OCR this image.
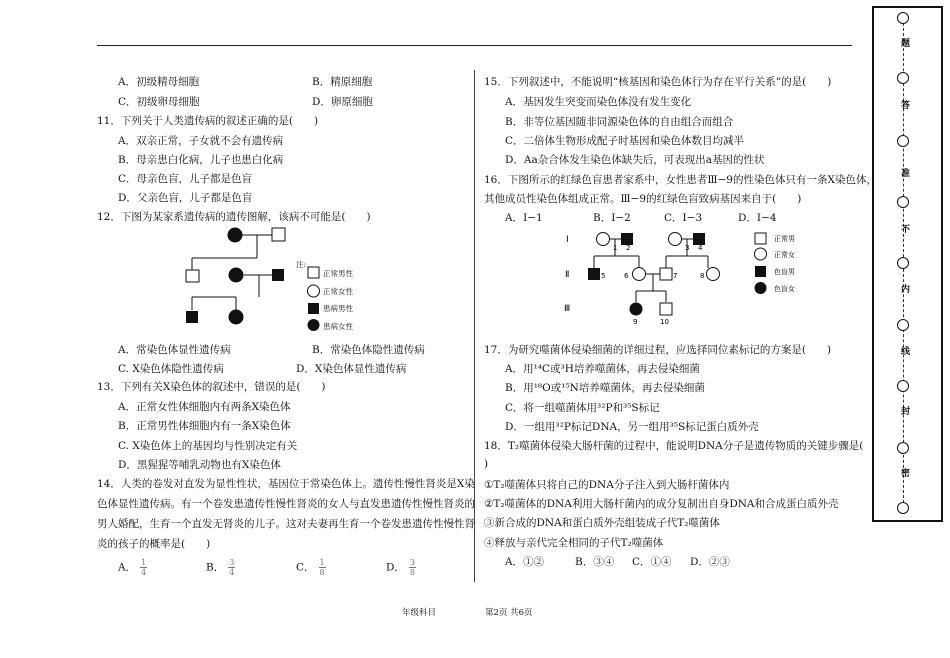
A．初级精母细胞	B．精原细胞
C．初级卵母细胞	D．卵原细胞
11．下列关于人类遗传病的叙述正确的是(　　)
A．双亲正常，子女就不会有遗传病
B．母亲患白化病，儿子也患白化病
C．母亲色盲，儿子都是色盲
D．父亲色盲，儿子都是色盲
12．下图为某家系遗传病的遗传图解，该病不可能是(　　)
注:
正常男性
正常女性
患病男性
患病女性
A．常染色体显性遗传病	B．常染色体隐性遗传病
C. X染色体隐性遗传病	D．X染色体显性遗传病
13．下列有关X染色体的叙述中，错误的是(　　)
A．正常女性体细胞内有两条X染色体
B．正常男性体细胞内有一条X染色体
C. X染色体上的基因均与性别决定有关
D．黑猩猩等哺乳动物也有X染色体
14．人类的卷发对直发为显性性状，基因位于常染色体上。遗传性慢性肾炎是X染
色体显性遗传病。有一个卷发患遗传性慢性肾炎的女人与直发患遗传性慢性肾炎的
男人婚配，生育一个直发无肾炎的儿子。这对夫妻再生育一个卷发患遗传性慢性肾
炎的孩子的概率是(　　)
A． $\frac{1}{4}$	B． $\frac{3}{4}$	C． $\frac{1}{8}$	D． $\frac{3}{8}$
15．下列叙述中，不能说明“核基因和染色体行为存在平行关系”的是(　　)
A．基因发生突变而染色体没有发生变化
B．非等位基因随非同源染色体的自由组合而组合
C．二倍体生物形成配子时基因和染色体数目均减半
D．Aa杂合体发生染色体缺失后，可表现出a基因的性状
16．下图所示的红绿色盲患者家系中，女性患者Ⅲ−9的性染色体只有一条X染色体，
其他成员性染色体组成正常。Ⅲ−9的红绿色盲致病基因来自于(　　)
A．Ⅰ−1	B．Ⅰ−2	C．Ⅰ−3	D．Ⅰ−4
Ⅰ
Ⅱ
Ⅲ
1 2	3 4
5	6	7	8
9	10
正常男
正常女
色盲男
色盲女
17．为研究噬菌体侵染细菌的详细过程，应选择同位素标记的方案是(　　)
A．用¹⁴C或³H培养噬菌体，再去侵染细菌
B．用¹⁸O或¹⁵N培养噬菌体，再去侵染细菌
C．将一组噬菌体用³²P和³⁵S标记
D．一组用³²P标记DNA，另一组用³⁵S标记蛋白质外壳
18．T₂噬菌体侵染大肠杆菌的过程中，能说明DNA分子是遗传物质的关键步骤是(
)
①T₂噬菌体只将自己的DNA分子注入到大肠杆菌体内
②T₂噬菌体的DNA利用大肠杆菌内的成分复制出自身DNA和合成蛋白质外壳
③新合成的DNA和蛋白质外壳组装成子代T₂噬菌体
④释放与亲代完全相同的子代T₂噬菌体
A．①②	B．③④ C．①④ D．②③
题
答
准
不
内
线
封
密
年级科目	第2页 共6页
